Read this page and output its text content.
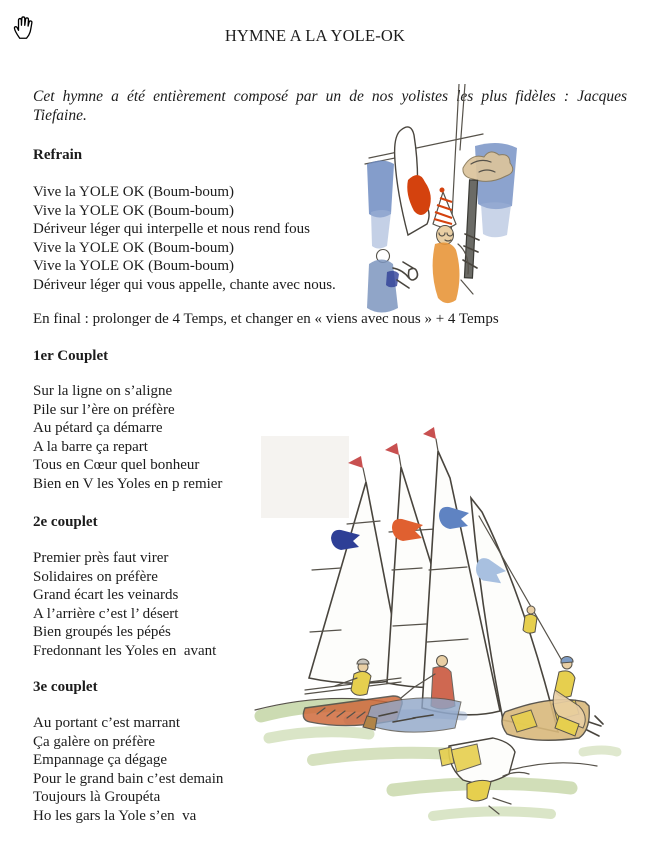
HYMNE A LA YOLE-OK
Cet hymne a été entièrement composé par un de nos yolistes les plus fidèles : Jacques
Tiefaine.
Refrain
Vive la YOLE OK (Boum-boum)
Vive la YOLE OK (Boum-boum)
Dériveur léger qui interpelle et nous rend fous
Vive la YOLE OK (Boum-boum)
Vive la YOLE OK (Boum-boum)
Dériveur léger qui vous appelle, chante avec nous.
En final : prolonger de 4 Temps, et changer en « viens avec nous » + 4 Temps
1er Couplet
Sur la ligne on s’aligne
Pile sur l’ère on préfère
Au pétard ça démarre
A la barre ça repart
Tous en Cœur quel bonheur
Bien en V les Yoles en p remier
2e couplet
Premier près faut virer
Solidaires on préfère
Grand écart les veinards
A l’arrière c’est l’ désert
Bien groupés les pépés
Fredonnant les Yoles en  avant
3e couplet
Au portant c’est marrant
Ça galère on préfère
Empannage ça dégage
Pour le grand bain c’est demain
Toujours là Groupéta
Ho les gars la Yole s’en  va
